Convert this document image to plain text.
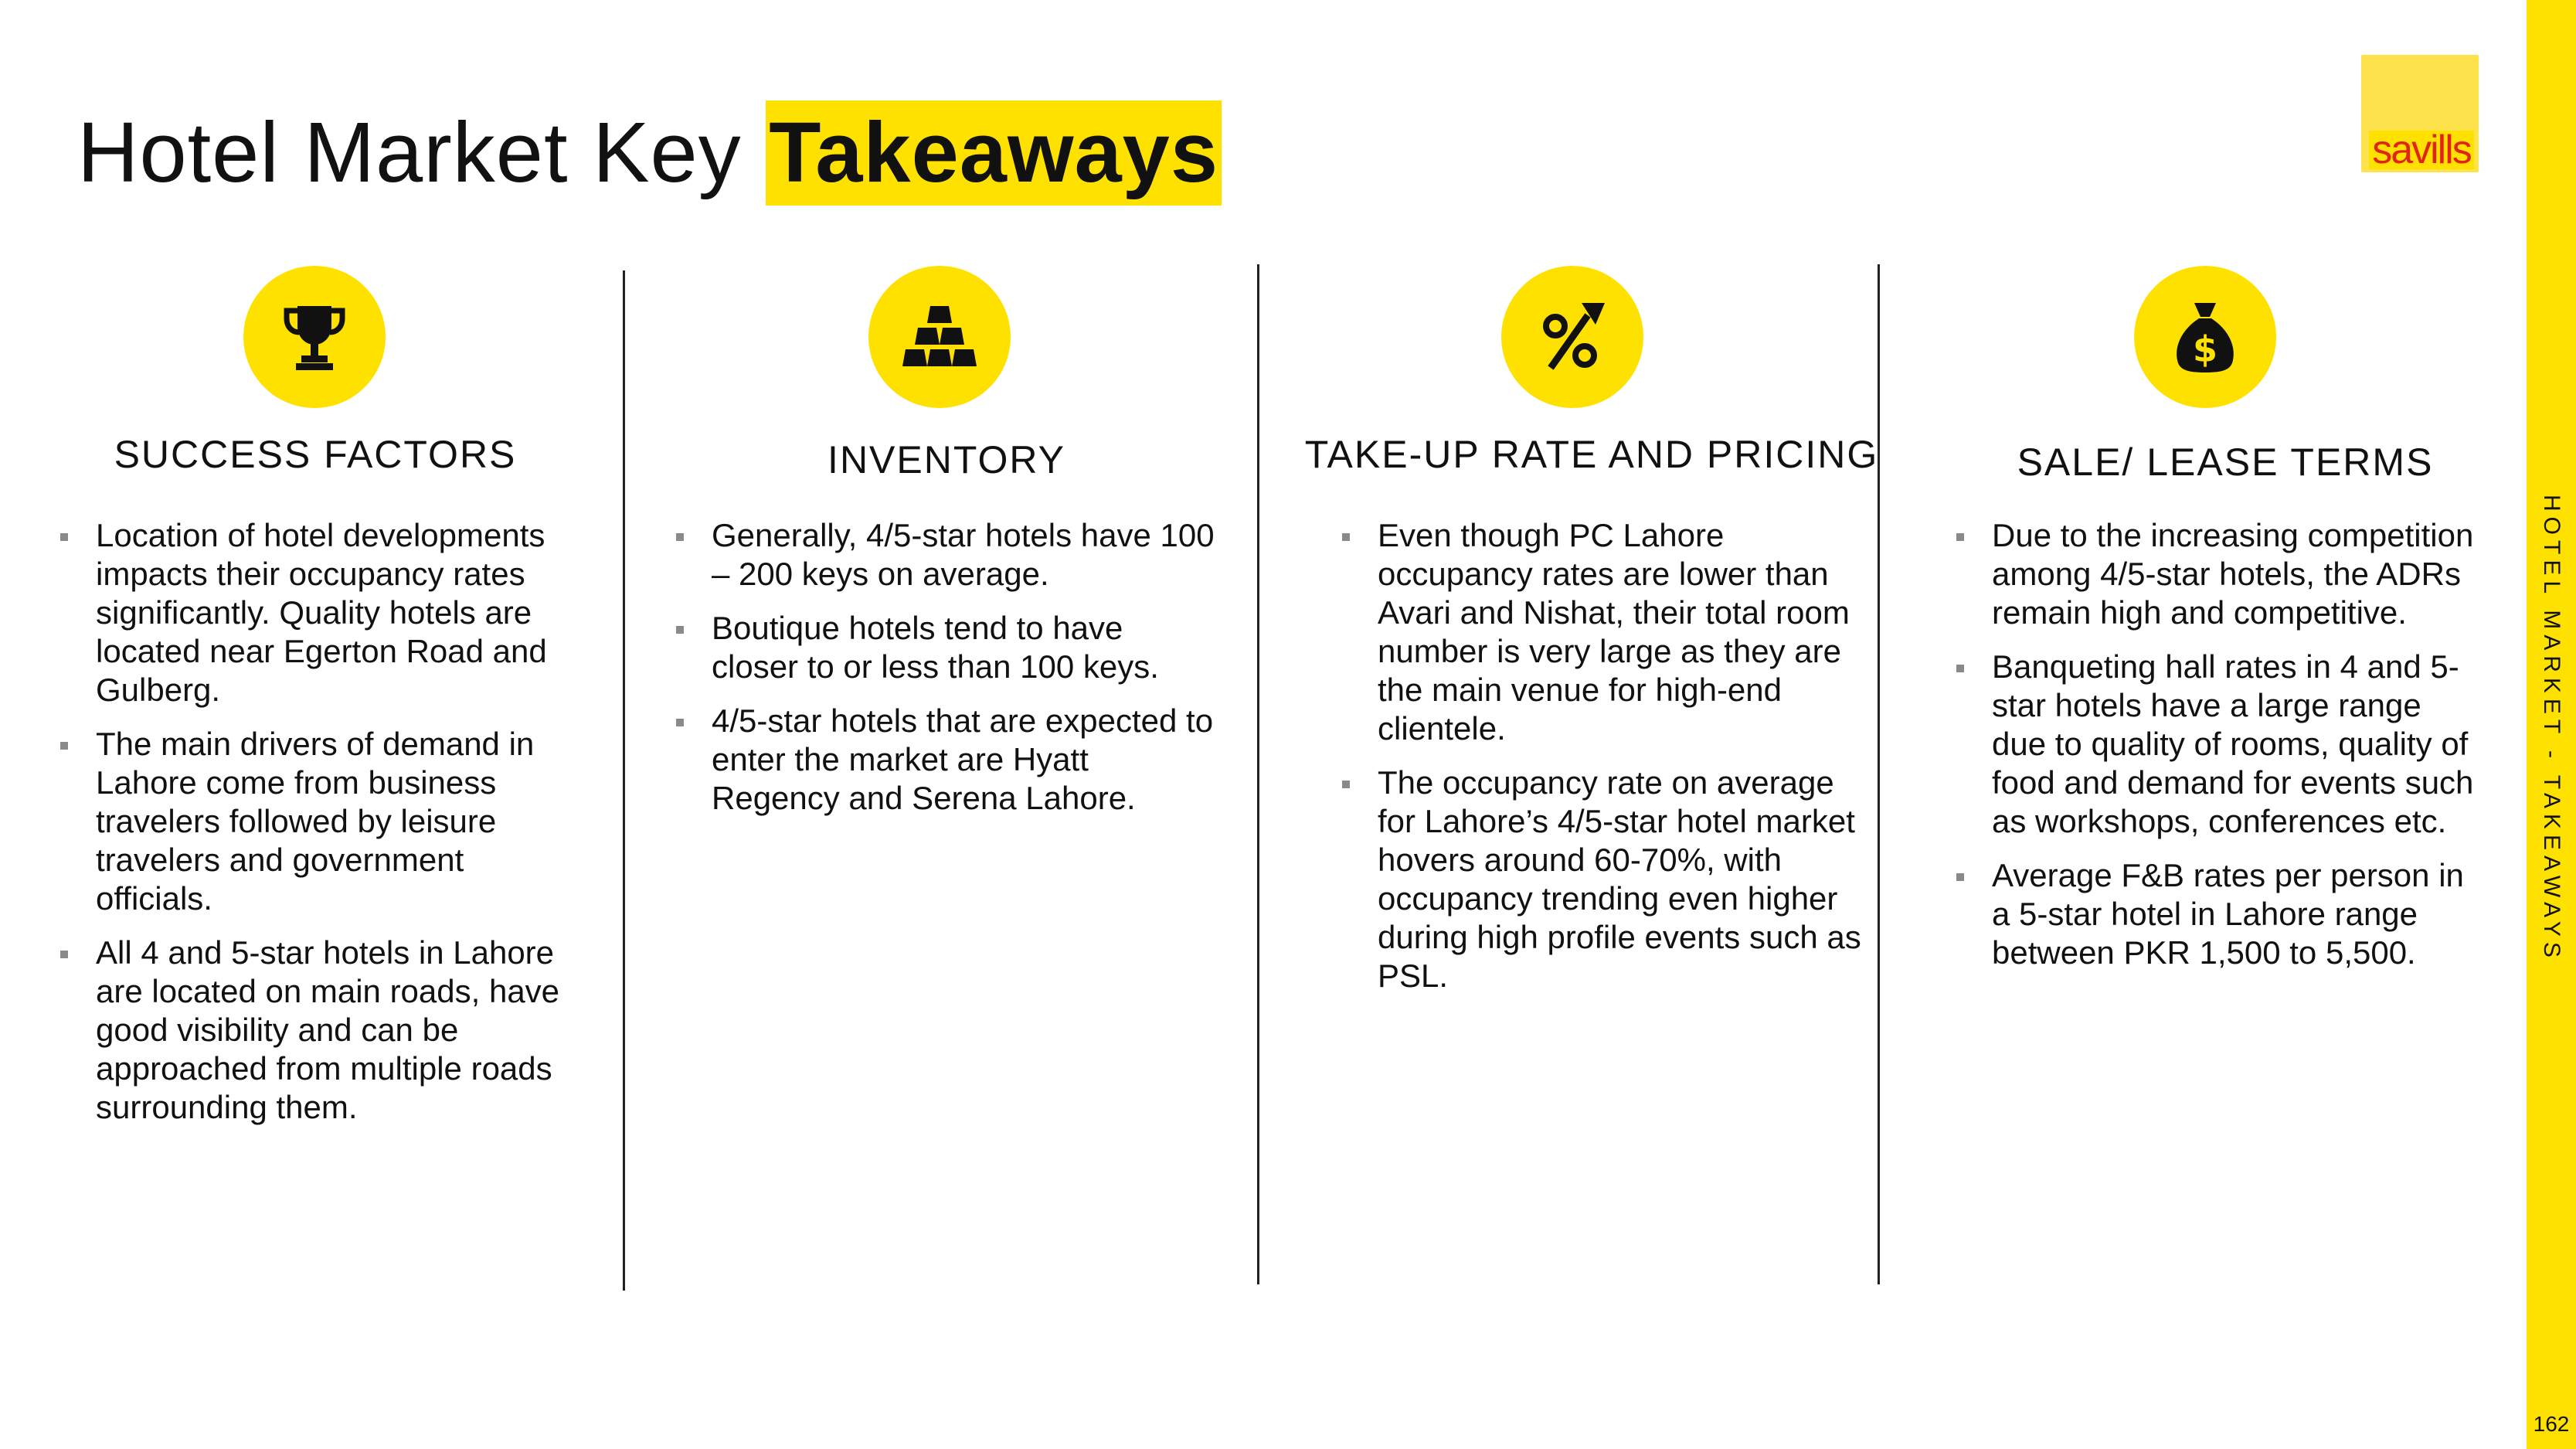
Hotel Market Key Takeaways	savills
HOTEL MARKET - TAKEAWAYS
162
SUCCESS FACTORS
Location of hotel developments impacts their occupancy rates significantly. Quality hotels are located near Egerton Road and Gulberg.
The main drivers of demand in Lahore come from business travelers followed by leisure travelers and government officials.
All 4 and 5-star hotels in Lahore are located on main roads, have good visibility and can be approached from multiple roads surrounding them.
INVENTORY
Generally, 4/5-star hotels have 100 – 200 keys on average.
Boutique hotels tend to have closer to or less than 100 keys.
4/5-star hotels that are expected to enter the market are Hyatt Regency and Serena Lahore.
TAKE-UP RATE AND PRICING
Even though PC Lahore occupancy rates are lower than Avari and Nishat, their total room number is very large as they are the main venue for high-end clientele.
The occupancy rate on average for Lahore’s 4/5-star hotel market hovers around 60-70%, with occupancy trending even higher during high profile events such as PSL.
$
SALE/ LEASE TERMS
Due to the increasing competition among 4/5-star hotels, the ADRs remain high and competitive.
Banqueting hall rates in 4 and 5-star hotels have a large range due to quality of rooms, quality of food and demand for events such as workshops, conferences etc.
Average F&B rates per person in a 5-star hotel in Lahore range between PKR 1,500 to 5,500.
